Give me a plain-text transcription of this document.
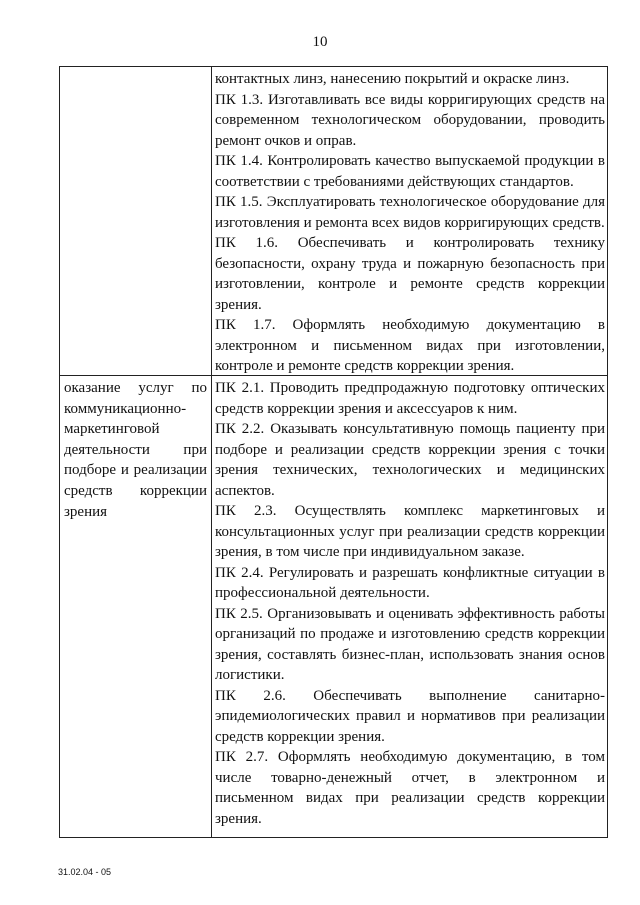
10

контактных линз, нанесению покрытий и окраске линз.

ПК 1.3. Изготавливать все виды корригирующих средств на современном технологическом оборудовании, проводить ремонт очков и оправ.

ПК 1.4. Контролировать качество выпускаемой продукции в соответствии с требованиями действующих стандартов.

ПК 1.5. Эксплуатировать технологическое оборудование для изготовления и ремонта всех видов корригирующих средств.

ПК 1.6. Обеспечивать и контролировать технику безопасности, охрану труда и пожарную безопасность при изготовлении, контроле и ремонте средств коррекции зрения.

ПК 1.7. Оформлять необходимую документацию в электронном и письменном видах при изготовлении, контроле и ремонте средств коррекции зрения.

оказание услуг по
коммуникационно-
маркетинговой
деятельности при
подборе и реализации
средств коррекции
зрения

ПК 2.1. Проводить предпродажную подготовку оптических средств коррекции зрения и аксессуаров к ним.

ПК 2.2. Оказывать консультативную помощь пациенту при подборе и реализации средств коррекции зрения с точки зрения технических, технологических и медицинских аспектов.

ПК 2.3. Осуществлять комплекс маркетинговых и консультационных услуг при реализации средств коррекции зрения, в том числе при индивидуальном заказе.

ПК 2.4. Регулировать и разрешать конфликтные ситуации в профессиональной деятельности.

ПК 2.5. Организовывать и оценивать эффективность работы организаций по продаже и изготовлению средств коррекции зрения, составлять бизнес-план, использовать знания основ логистики.

ПК 2.6. Обеспечивать выполнение санитарно-эпидемиологических правил и нормативов при реализации средств коррекции зрения.

ПК 2.7. Оформлять необходимую документацию, в том числе товарно-денежный отчет, в электронном и письменном видах при реализации средств коррекции зрения.

31.02.04 - 05
